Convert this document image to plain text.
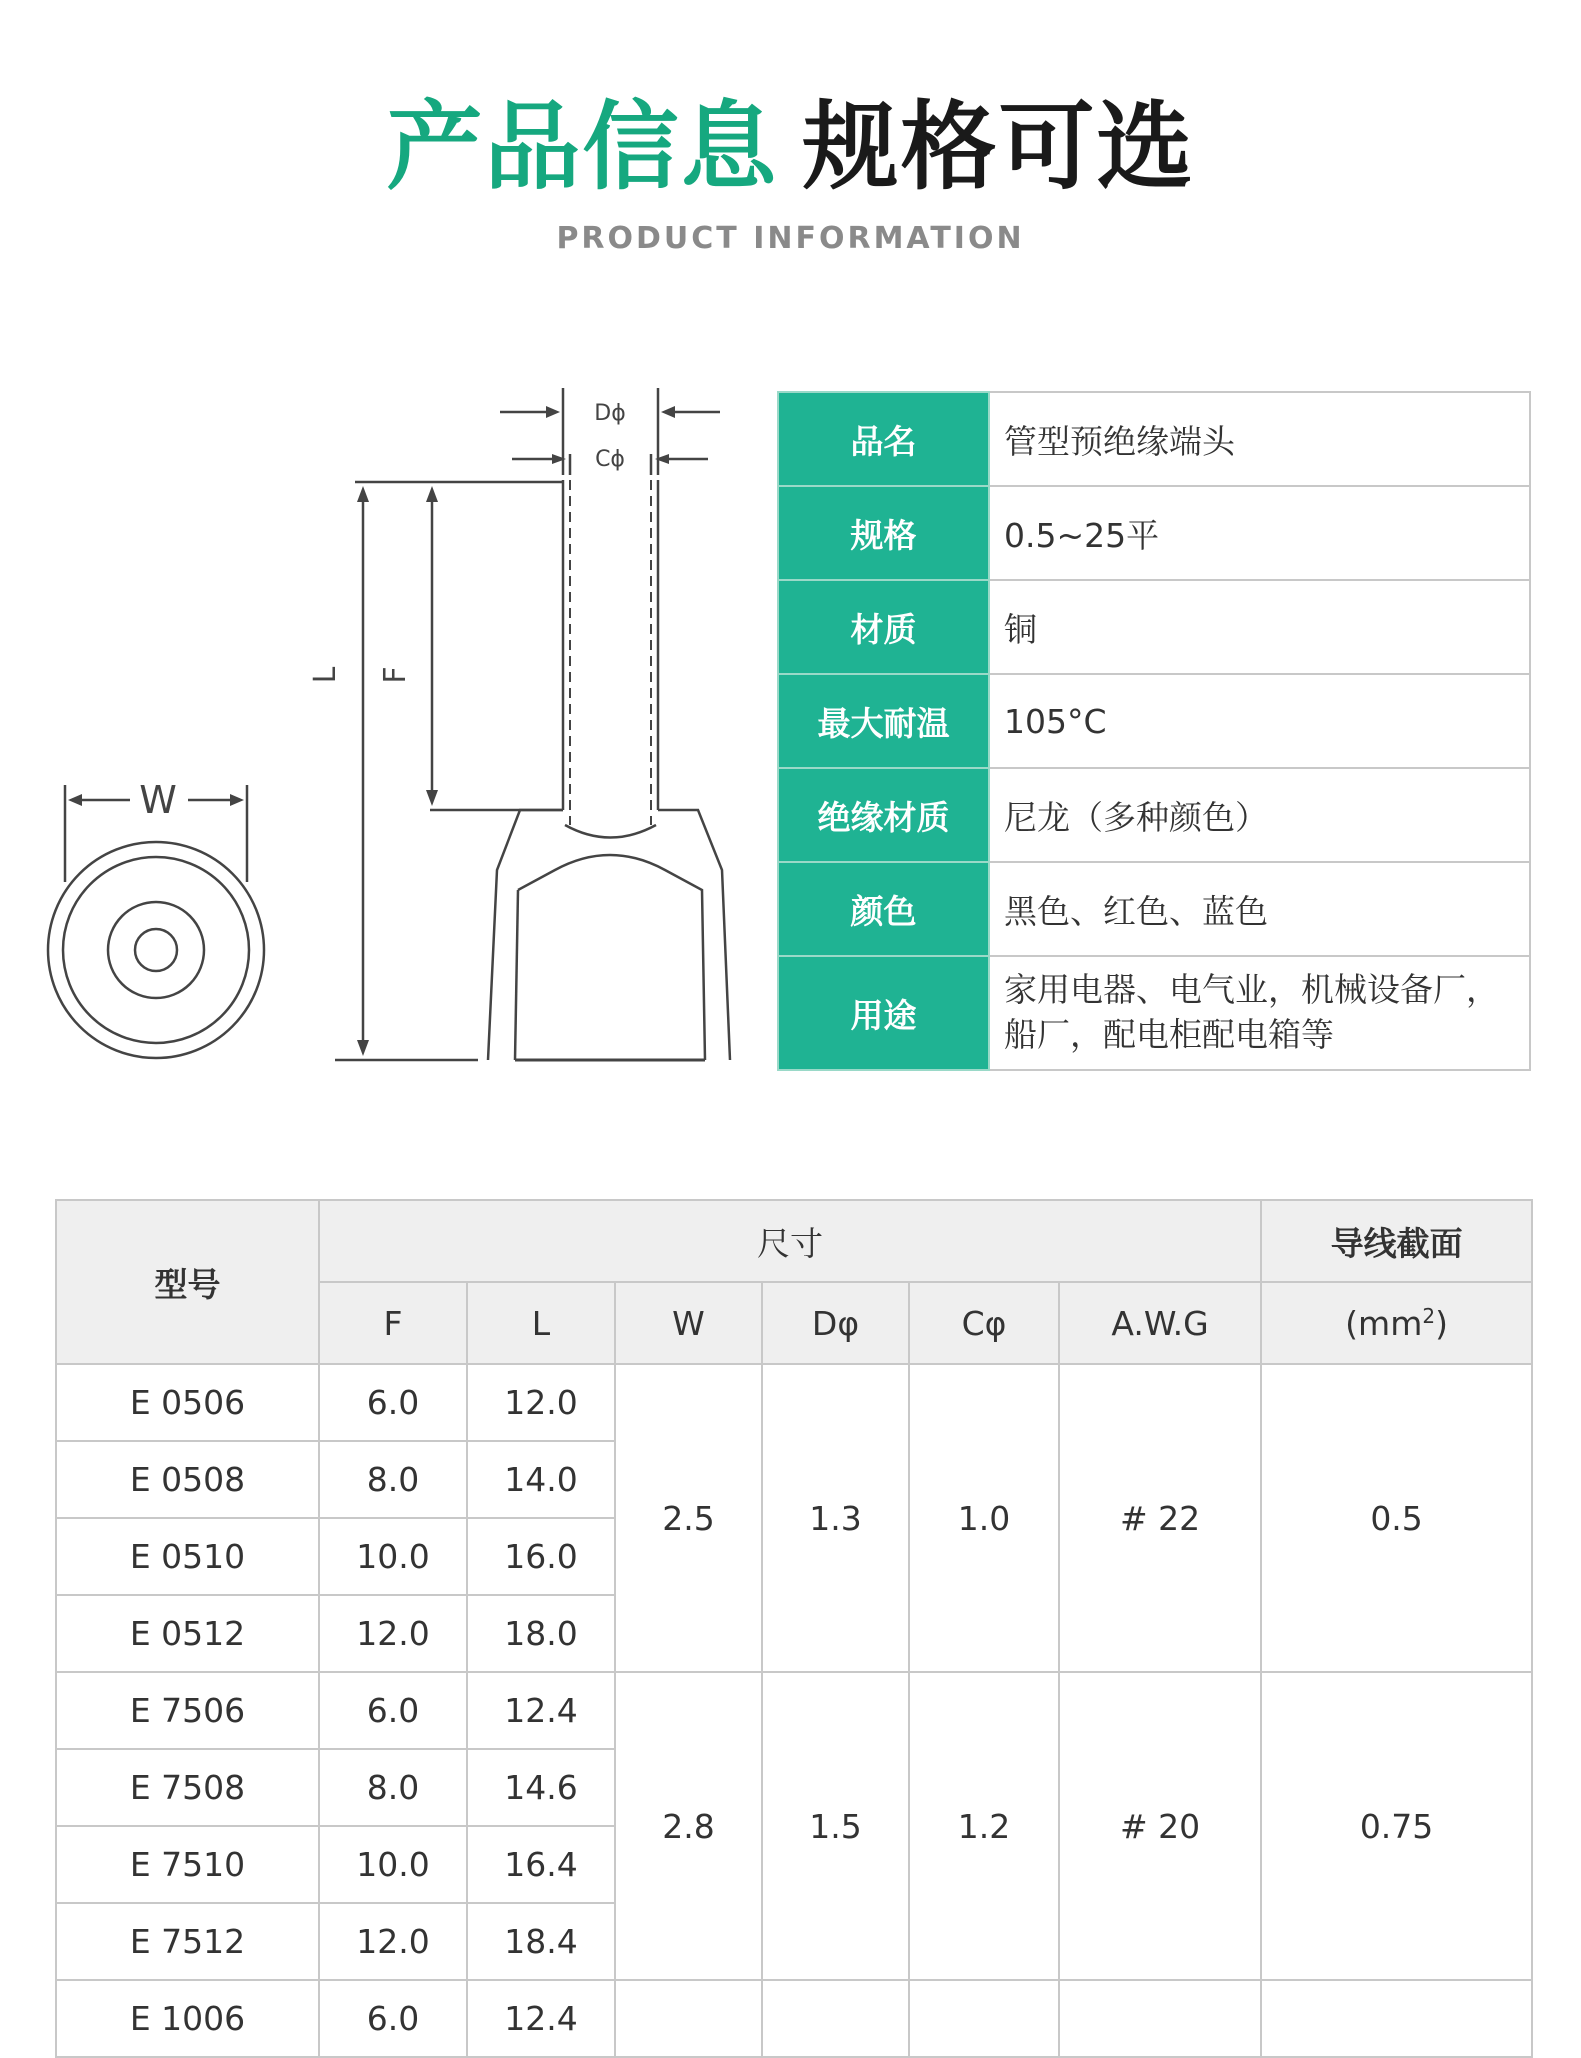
产品信息 规格可选
PRODUCT INFORMATION
Dϕ
Cϕ
L F
W
品名	管型预绝缘端头
规格	0.5~25平
材质	铜
最大耐温	105°C
绝缘材质	尼龙（多种颜色）
颜色	黑色、红色、蓝色
用途	家用电器、电气业，机械设备厂，
船厂，配电柜配电箱等
型号	尺寸						导线截面
	F	L	W	Dφ	Cφ	A.W.G	$(mm^2)$
E 0506	6.0	12.0	2.5	1.3	1.0	# 22	0.5
E 0508	8.0	14.0					
E 0510	10.0	16.0					
E 0512	12.0	18.0					
E 7506	6.0	12.4	2.8	1.5	1.2	# 20	0.75
E 7508	8.0	14.6					
E 7510	10.0	16.4					
E 7512	12.0	18.4					
E 1006	6.0	12.4					
